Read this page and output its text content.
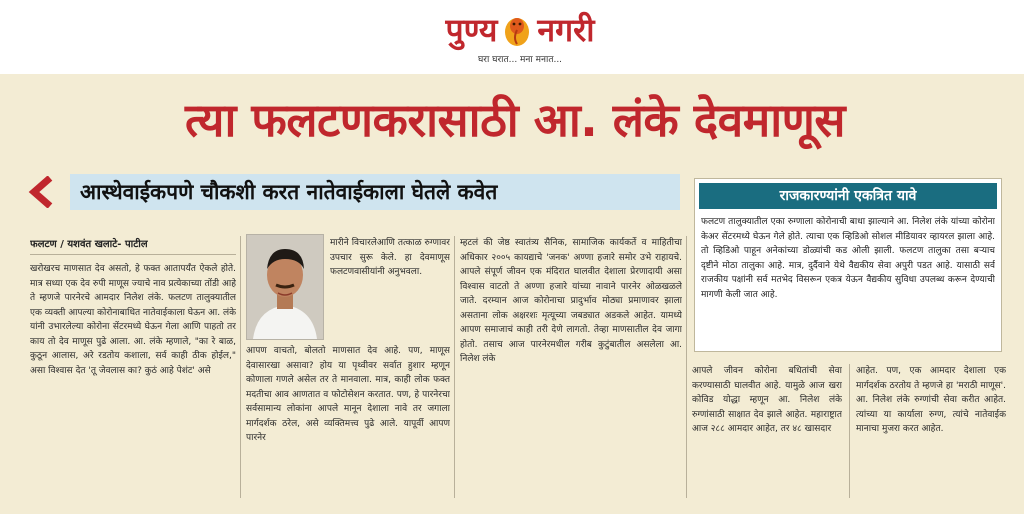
पुण्य नगरी
घरा घरात... मना मनात...
त्या फलटणकरासाठी आ. लंके देवमाणूस
आस्थेवाईकपणे चौकशी करत नातेवाईकाला घेतले कवेत	राजकारण्यांनी एकत्रित यावे
फलटण तालुक्यातील एका रुग्णाला कोरोनाची बाधा झाल्याने आ. निलेश लंके यांच्या कोरोना केअर सेंटरमध्ये घेऊन गेले होते. त्याचा एक व्हिडिओ सोशल मीडियावर व्हायरल झाला आहे. तो व्हिडिओ पाहून अनेकांच्या डोळ्यांची कड ओली झाली. फलटण तालुका तसा बऱ्याच दृष्टीने मोठा तालुका आहे. मात्र, दुर्दैवाने येथे वैद्यकीय सेवा अपुरी पडत आहे. यासाठी सर्व राजकीय पक्षांनी सर्व मतभेद विसरून एकत्र येऊन वैद्यकीय सुविधा उपलब्ध करून देण्याची मागणी केली जात आहे.
फलटण / यशवंत खलाटे- पाटील

खरोखरच माणसात देव असतो, हे फक्त आतापर्यंत ऐकले होते. मात्र सध्या एक देव रुपी माणूस ज्याचे नाव प्रत्येकाच्या तोंडी आहे ते म्हणजे पारनेरचे आमदार निलेश लंके. फलटण तालुक्यातील एक व्यक्ती आपल्या कोरोनाबाधित नातेवाईकाला घेऊन आ. लंके यांनी उभारलेल्या कोरोना सेंटरमध्ये घेऊन गेला आणि पाहतो तर काय तो देव माणूस पुढे आला. आ. लंके म्हणाले, "का रे बाळ, कुठून आलास, अरे रडतोय कशाला, सर्व काही ठीक होईल," असा विश्वास देत 'तू जेवलास का? कुठं आहे पेशंट' असे

मारीने विचारलेआणि तत्काळ रुग्णावर उपचार सुरू केले. हा देवमाणूस फलटणवासीयांनी अनुभवला.

आपण वाचतो, बोलतो माणसात देव आहे. पण, माणूस देवासारखा असावा? होय या पृथ्वीवर सर्वात हुशार म्हणून कोणाला गणले असेल तर ते मानवाला. मात्र, काही लोक फक्त मदतीचा आव आणतात व फोटोसेशन करतात. पण, हे पारनेरचा सर्वसामान्य लोकांना आपले मानून देशाला नावे तर जगाला मार्गदर्शक ठरेल, असे व्यक्तिमत्त्व पुढे आले. यापूर्वी आपण पारनेर

म्हटलं की जेष्ठ स्वातंत्र्य सैनिक, सामाजिक कार्यकर्ते व माहितीचा अधिकार २००५ कायद्याचे 'जनक' अण्णा हजारे समोर उभे राहायचे. आपले संपूर्ण जीवन एक मंदिरात घालवीत देशाला प्रेरणादायी असा विश्वास वाटतो ते अण्णा हजारे यांच्या नावाने पारनेर ओळखळले जाते. दरम्यान आज कोरोनाचा प्रादुर्भाव मोठ्या प्रमाणावर झाला असताना लोक अक्षरशः मृत्यूच्या जबड्यात अडकले आहेत. यामध्ये आपण समाजाचं काही तरी देणे लागतो. तेव्हा माणसातील देव जागा होतो. तसाच आज पारनेरमधील गरीब कुटुंबातील असलेला आ. निलेश लंके

आपले जीवन कोरोना बधितांची सेवा करण्यासाठी घालवीत आहे. यामुळे आज खरा कोविड योद्धा म्हणून आ. निलेश लंके रुग्णांसाठी साक्षात देव झाले आहेत. महाराष्ट्रात आज २८८ आमदार आहेत, तर ४८ खासदार

आहेत. पण, एक आमदार देशाला एक मार्गदर्शक ठरतोय ते म्हणजे हा 'मराठी माणूस'. आ. निलेश लंके रुग्णांची सेवा करीत आहेत. त्यांच्या या कार्याला रुग्ण, त्यांचे नातेवाईक मानाचा मुजरा करत आहेत.
